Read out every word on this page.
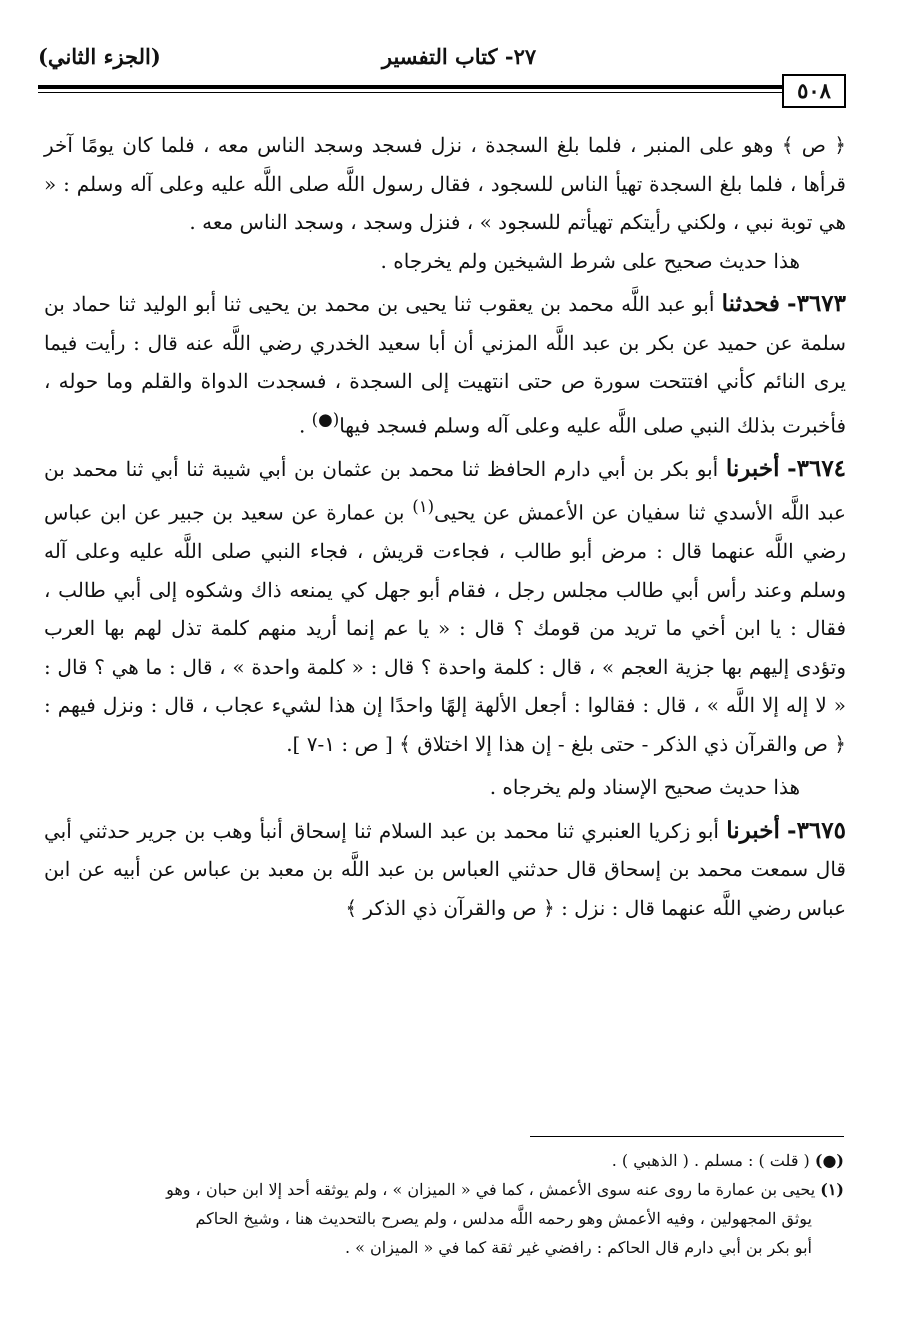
٢٧- كتاب التفسير
(الجزء الثاني)
٥٠٨

﴿ ص ﴾ وهو على المنبر ، فلما بلغ السجدة ، نزل فسجد وسجد الناس معه ، فلما كان يومًا آخر قرأها ، فلما بلغ السجدة تهيأ الناس للسجود ، فقال رسول اللَّه صلى اللَّه عليه وعلى آله وسلم : « هي توبة نبي ، ولكني رأيتكم تهيأتم للسجود » ، فنزل وسجد ، وسجد الناس معه .

هذا حديث صحيح على شرط الشيخين ولم يخرجاه .

٣٦٧٣- فحدثنا أبو عبد اللَّه محمد بن يعقوب ثنا يحيى بن محمد بن يحيى ثنا أبو الوليد ثنا حماد بن سلمة عن حميد عن بكر بن عبد اللَّه المزني أن أبا سعيد الخدري رضي اللَّه عنه قال : رأيت فيما يرى النائم كأني افتتحت سورة ص حتى انتهيت إلى السجدة ، فسجدت الدواة والقلم وما حوله ، فأخبرت بذلك النبي صلى اللَّه عليه وعلى آله وسلم فسجد فيها(●) .

٣٦٧٤- أخبرنا أبو بكر بن أبي دارم الحافظ ثنا محمد بن عثمان بن أبي شيبة ثنا أبي ثنا محمد بن عبد اللَّه الأسدي ثنا سفيان عن الأعمش عن يحيى$^{(١)}$ بن عمارة عن سعيد بن جبير عن ابن عباس رضي اللَّه عنهما قال : مرض أبو طالب ، فجاءت قريش ، فجاء النبي صلى اللَّه عليه وعلى آله وسلم وعند رأس أبي طالب مجلس رجل ، فقام أبو جهل كي يمنعه ذاك وشكوه إلى أبي طالب ، فقال : يا ابن أخي ما تريد من قومك ؟ قال : « يا عم إنما أريد منهم كلمة تذل لهم بها العرب وتؤدى إليهم بها جزية العجم » ، قال : كلمة واحدة ؟ قال : « كلمة واحدة » ، قال : ما هي ؟ قال : « لا إله إلا اللَّه » ، قال : فقالوا : أجعل الألهة إلهًا واحدًا إن هذا لشيء عجاب ، قال : ونزل فيهم : ﴿ ص والقرآن ذي الذكر - حتى بلغ - إن هذا إلا اختلاق ﴾ [ ص : ١-٧ ].

هذا حديث صحيح الإسناد ولم يخرجاه .

٣٦٧٥- أخبرنا أبو زكريا العنبري ثنا محمد بن عبد السلام ثنا إسحاق أنبأ وهب بن جرير حدثني أبي قال سمعت محمد بن إسحاق قال حدثني العباس بن عبد اللَّه بن معبد بن عباس عن أبيه عن ابن عباس رضي اللَّه عنهما قال : نزل : ﴿ ص والقرآن ذي الذكر ﴾

(●) ( قلت ) : مسلم . ( الذهبي ) .

(١) يحيى بن عمارة ما روى عنه سوى الأعمش ، كما في « الميزان » ، ولم يوثقه أحد إلا ابن حبان ، وهو

يوثق المجهولين ، وفيه الأعمش وهو رحمه اللَّه مدلس ، ولم يصرح بالتحديث هنا ، وشيخ الحاكم

أبو بكر بن أبي دارم قال الحاكم : رافضي غير ثقة كما في « الميزان » .
